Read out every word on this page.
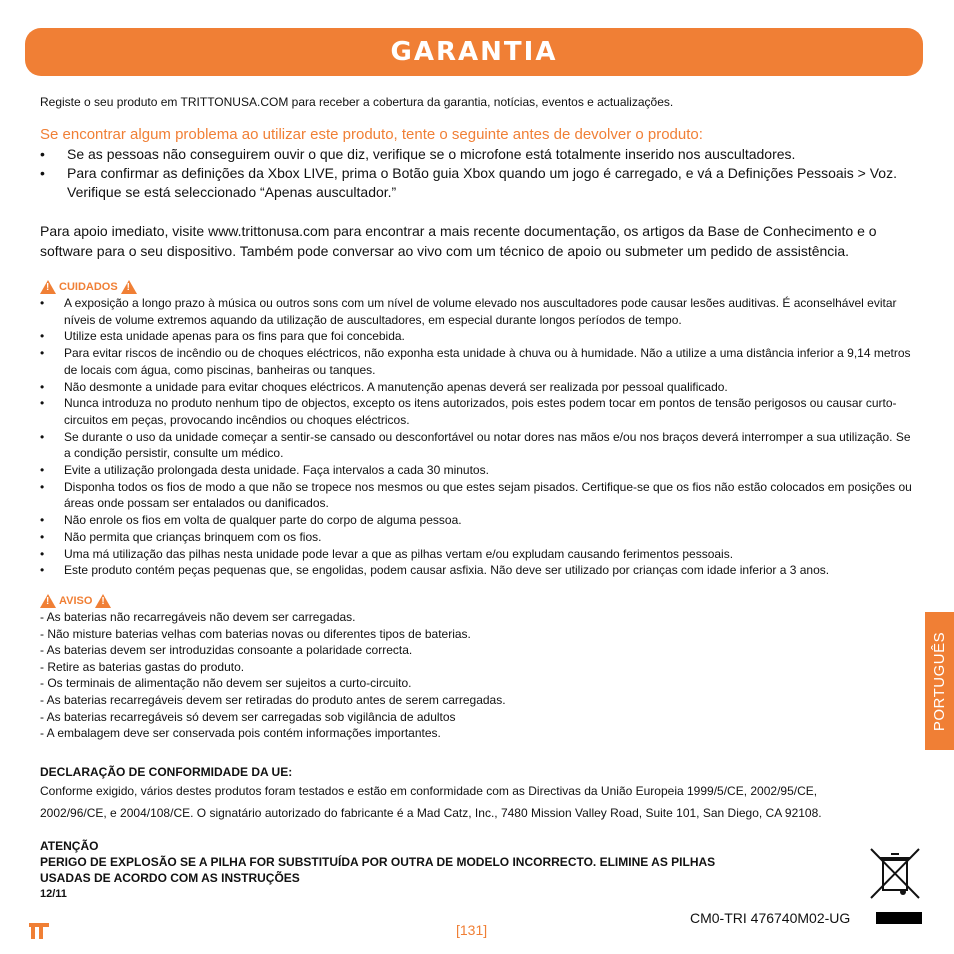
GARANTIA

Registe o seu produto em TRITTONUSA.COM para receber a cobertura da garantia, notícias, eventos e actualizações.

Se encontrar algum problema ao utilizar este produto, tente o seguinte antes de devolver o produto:

• Se as pessoas não conseguirem ouvir o que diz, verifique se o microfone está totalmente inserido nos auscultadores.
• Para confirmar as definições da Xbox LIVE, prima o Botão guia Xbox quando um jogo é carregado, e vá a Definições Pessoais > Voz. Verifique se está seleccionado “Apenas auscultador.”

Para apoio imediato, visite www.trittonusa.com para encontrar a mais recente documentação, os artigos da Base de Conhecimento e o software para o seu dispositivo. Também pode conversar ao vivo com um técnico de apoio ou submeter um pedido de assistência.

!
CUIDADOS
!
• A exposição a longo prazo à música ou outros sons com um nível de volume elevado nos auscultadores pode causar lesões auditivas. É aconselhável evitar níveis de volume extremos aquando da utilização de auscultadores, em especial durante longos períodos de tempo.
• Utilize esta unidade apenas para os fins para que foi concebida.
• Para evitar riscos de incêndio ou de choques eléctricos, não exponha esta unidade à chuva ou à humidade. Não a utilize a uma distância inferior a 9,14 metros de locais com água, como piscinas, banheiras ou tanques.
• Não desmonte a unidade para evitar choques eléctricos. A manutenção apenas deverá ser realizada por pessoal qualificado.
• Nunca introduza no produto nenhum tipo de objectos, excepto os itens autorizados, pois estes podem tocar em pontos de tensão perigosos ou causar curto-circuitos em peças, provocando incêndios ou choques eléctricos.
• Se durante o uso da unidade começar a sentir-se cansado ou desconfortável ou notar dores nas mãos e/ou nos braços deverá interromper a sua utilização. Se a condição persistir, consulte um médico.
• Evite a utilização prolongada desta unidade. Faça intervalos a cada 30 minutos.
• Disponha todos os fios de modo a que não se tropece nos mesmos ou que estes sejam pisados. Certifique-se que os fios não estão colocados em posições ou áreas onde possam ser entalados ou danificados.
• Não enrole os fios em volta de qualquer parte do corpo de alguma pessoa.
• Não permita que crianças brinquem com os fios.
• Uma má utilização das pilhas nesta unidade pode levar a que as pilhas vertam e/ou expludam causando ferimentos pessoais.
• Este produto contém peças pequenas que, se engolidas, podem causar asfixia. Não deve ser utilizado por crianças com idade inferior a 3 anos.
!
AVISO
!
- As baterias não recarregáveis não devem ser carregadas.
- Não misture baterias velhas com baterias novas ou diferentes tipos de baterias.
- As baterias devem ser introduzidas consoante a polaridade correcta.
- Retire as baterias gastas do produto.
- Os terminais de alimentação não devem ser sujeitos a curto-circuito.
- As baterias recarregáveis devem ser retiradas do produto antes de serem carregadas.
- As baterias recarregáveis só devem ser carregadas sob vigilância de adultos
- A embalagem deve ser conservada pois contém informações importantes.

DECLARAÇÃO DE CONFORMIDADE DA UE:

Conforme exigido, vários destes produtos foram testados e estão em conformidade com as Directivas da União Europeia 1999/5/CE, 2002/95/CE,

2002/96/CE, e 2004/108/CE. O signatário autorizado do fabricante é a Mad Catz, Inc., 7480 Mission Valley Road, Suite 101, San Diego, CA 92108.

ATENÇÃO

PERIGO DE EXPLOSÃO SE A PILHA FOR SUBSTITUÍDA POR OUTRA DE MODELO INCORRECTO. ELIMINE AS PILHAS

USADAS DE ACORDO COM AS INSTRUÇÕES

12/11

PORTUGUÊS
[131]
CM0-TRI 476740M02-UG
